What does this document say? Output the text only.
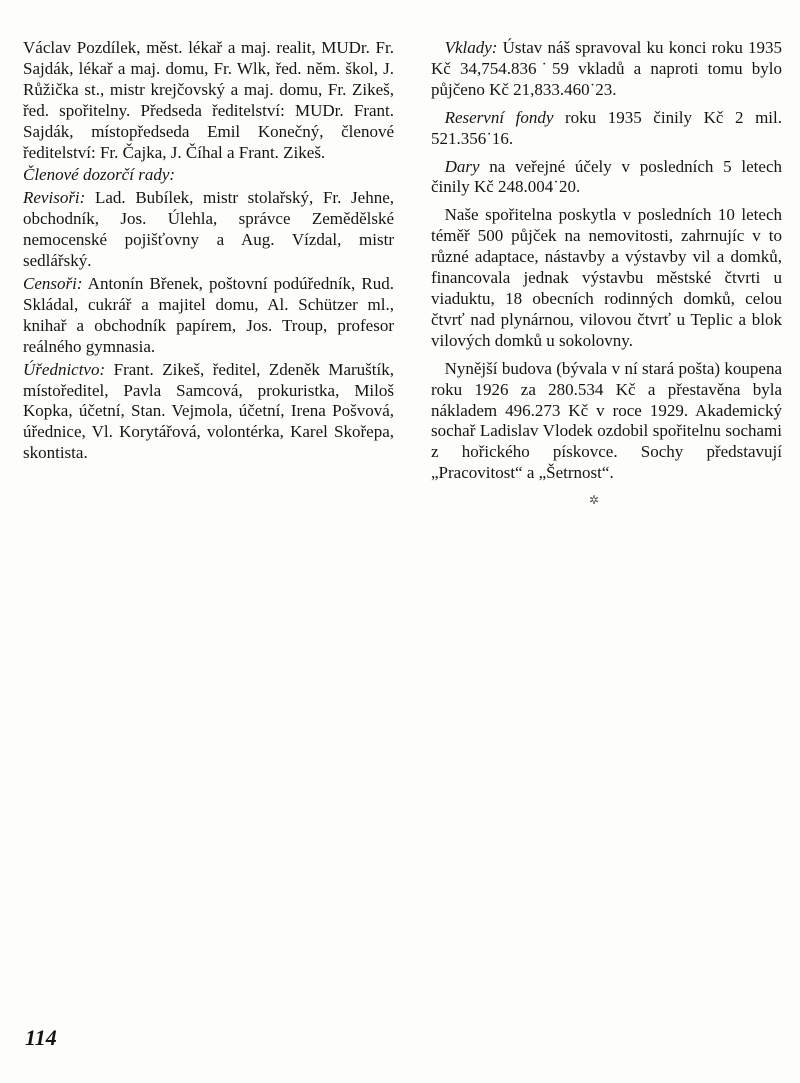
Václav Pozdílek, měst. lékař a maj. realit, MUDr. Fr. Sajdák, lékař a maj. domu, Fr. Wlk, řed. něm. škol, J. Růžička st., mistr krejčovský a maj. domu, Fr. Zikeš, řed. spořitelny. Předseda ředitelství: MUDr. Frant. Sajdák, místopředseda Emil Konečný, členové ředitelství: Fr. Čajka, J. Číhal a Frant. Zikeš.

Členové dozorčí rady:

Revisoři: Lad. Bubílek, mistr stolařský, Fr. Jehne, obchodník, Jos. Úlehla, správce Zemědělské nemocenské pojišťovny a Aug. Vízdal, mistr sedlářský.

Censoři: Antonín Břenek, poštovní podúředník, Rud. Skládal, cukrář a majitel domu, Al. Schützer ml., knihař a obchodník papírem, Jos. Troup, profesor reálného gymnasia.

Úřednictvo: Frant. Zikeš, ředitel, Zdeněk Maruštík, místoředitel, Pavla Samcová, prokuristka, Miloš Kopka, účetní, Stan. Vejmola, účetní, Irena Pošvová, úřednice, Vl. Korytářová, volontérka, Karel Skořepa, skontista.

Vklady: Ústav náš spravoval ku konci roku 1935 Kč 34,754.836˙59 vkladů a naproti tomu bylo půjčeno Kč 21,833.460˙23.

Reservní fondy roku 1935 činily Kč 2 mil. 521.356˙16.

Dary na veřejné účely v posledních 5 letech činily Kč 248.004˙20.

Naše spořitelna poskytla v posledních 10 letech téměř 500 půjček na nemovitosti, zahrnujíc v to různé adaptace, nástavby a výstavby vil a domků, financovala jednak výstavbu městské čtvrti u viaduktu, 18 obecních rodinných domků, celou čtvrť nad plynárnou, vilovou čtvrť u Teplic a blok vilových domků u sokolovny.

Nynější budova (bývala v ní stará pošta) koupena roku 1926 za 280.534 Kč a přestavěna byla nákladem 496.273 Kč v roce 1929. Akademický sochař Ladislav Vlodek ozdobil spořitelnu sochami z hořického pískovce. Sochy představují „Pracovitost“ a „Šetrnost“.

✲
114
